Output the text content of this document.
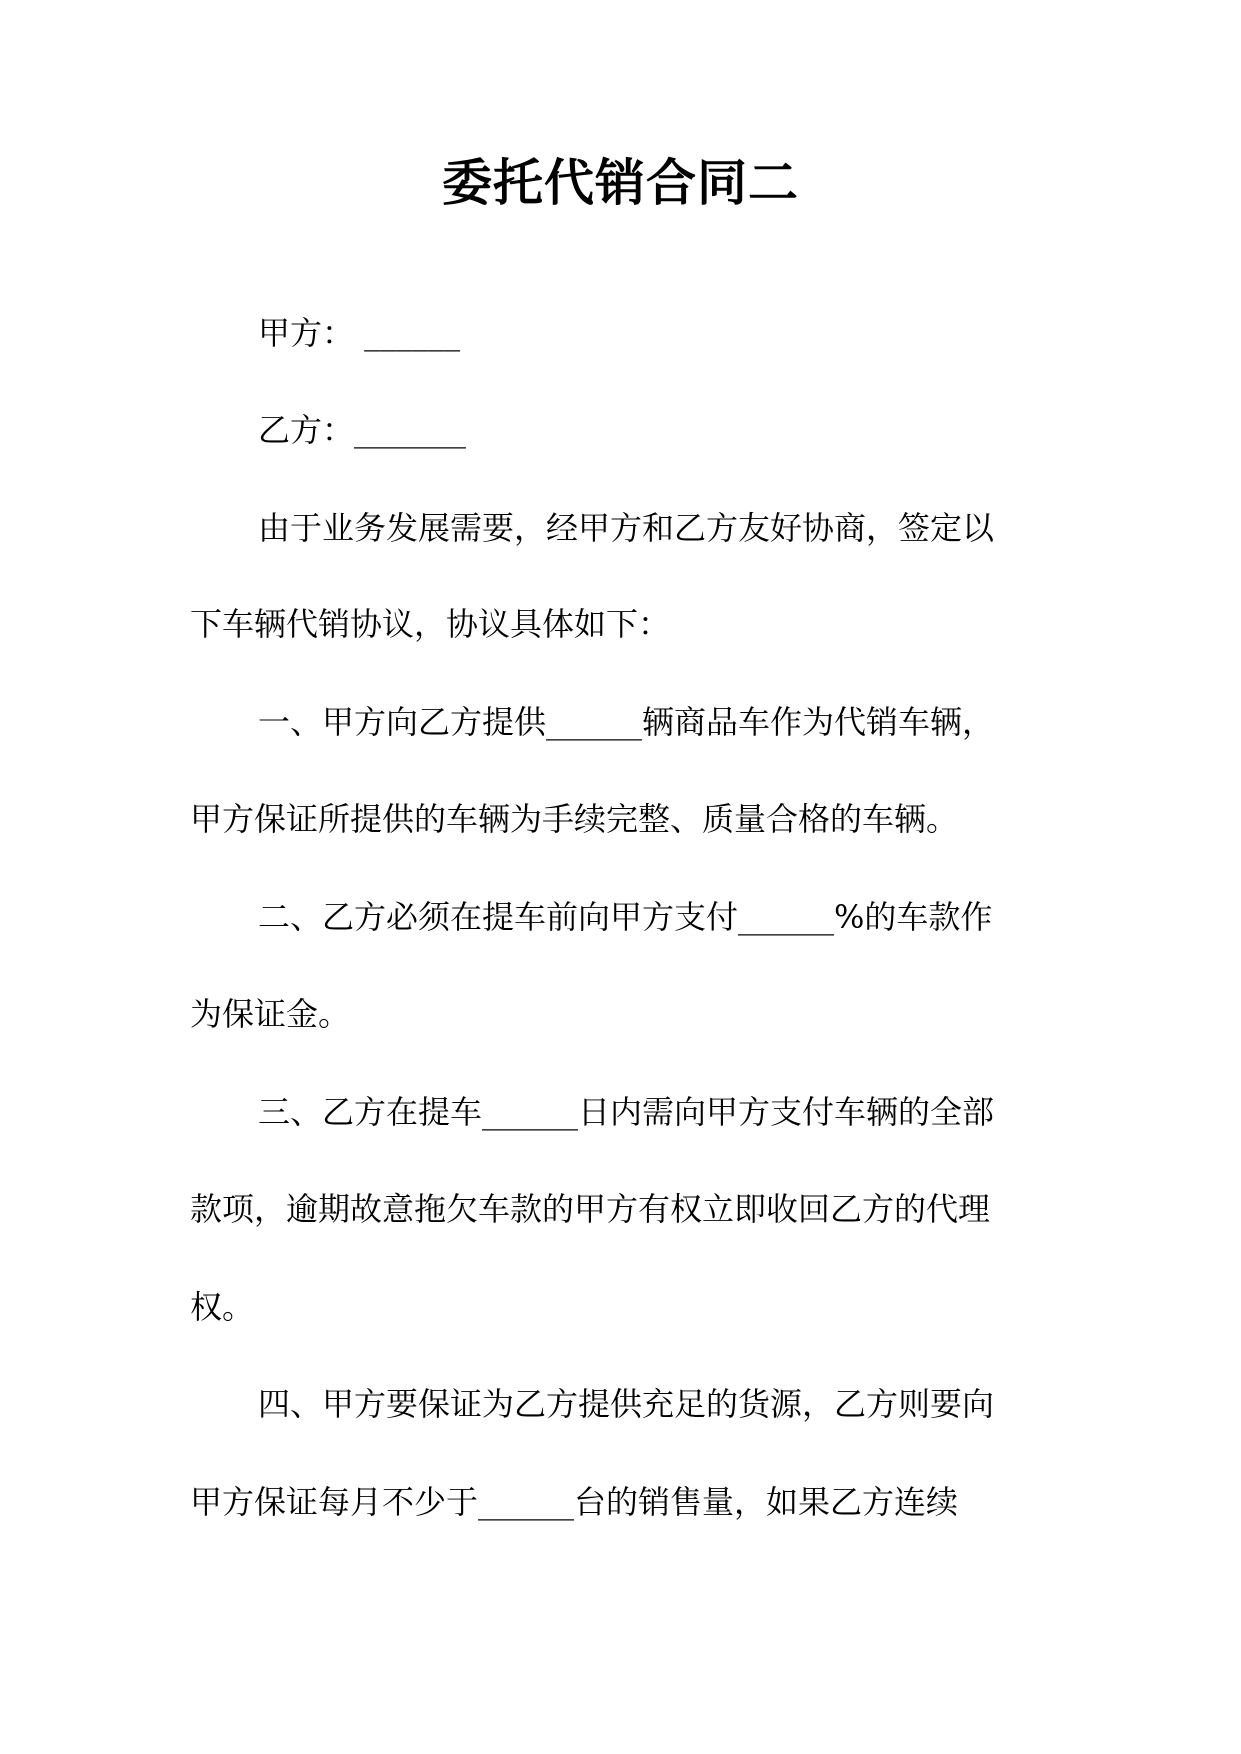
委托代销合同二
甲方： ______
乙方：_______
由于业务发展需要，经甲方和乙方友好协商，签定以
下车辆代销协议，协议具体如下：
一、甲方向乙方提供______辆商品车作为代销车辆，
甲方保证所提供的车辆为手续完整、质量合格的车辆。
二、乙方必须在提车前向甲方支付______%的车款作
为保证金。
三、乙方在提车______日内需向甲方支付车辆的全部
款项，逾期故意拖欠车款的甲方有权立即收回乙方的代理
权。
四、甲方要保证为乙方提供充足的货源，乙方则要向
甲方保证每月不少于______台的销售量，如果乙方连续
